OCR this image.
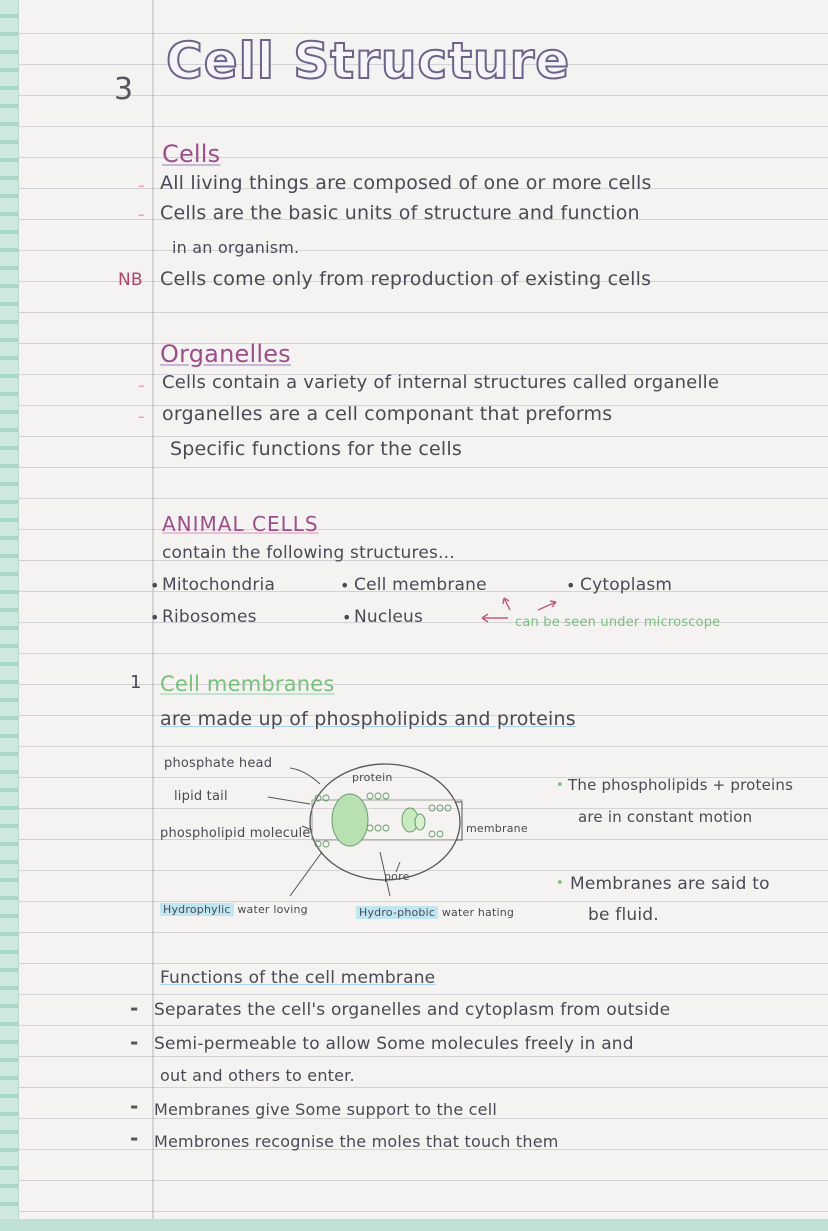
3 Cell Structure
Cells
- All living things are composed of one or more cells
- Cells are the basic units of structure and function
in an organism.
NB Cells come only from reproduction of existing cells
Organelles
- Cells contain a variety of internal structures called organelle
- organelles are a cell componant that preforms
Specific functions for the cells
ANIMAL CELLS
contain the following structures...
• Mitochondria	• Cell membrane	• Cytoplasm
• Ribosomes	• Nucleus	can be seen under microscope
1 Cell membranes
are made up of phospholipids and proteins
phosphate head
lipid tail
phospholipid molecule
protein
membrane
pore
Hydrophylic water loving	Hydro-phobic water hating
• The phospholipids + proteins
are in constant motion
• Membranes are said to
be fluid.
Functions of the cell membrane
- Separates the cell's organelles and cytoplasm from outside
- Semi-permeable to allow Some molecules freely in and
out and others to enter.
- Membranes give Some support to the cell
- Membrones recognise the moles that touch them
